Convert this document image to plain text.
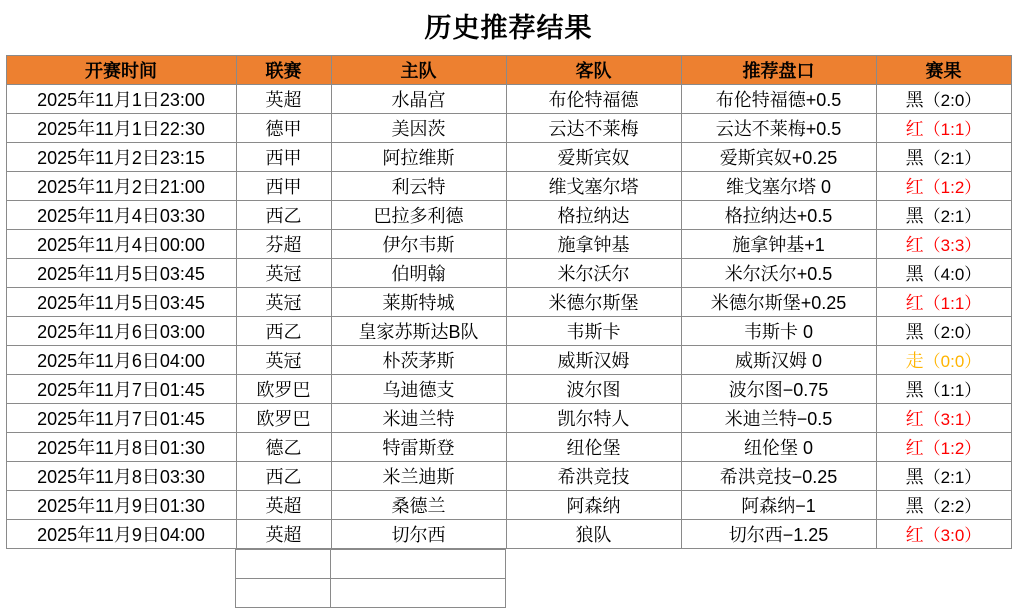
历史推荐结果
开赛时间	联赛	主队	客队	推荐盘口	赛果
2025年11月1日23:00	英超	水晶宫	布伦特福德	布伦特福德+0.5	黑（2:0）
2025年11月1日22:30	德甲	美因茨	云达不莱梅	云达不莱梅+0.5	红（1:1）
2025年11月2日23:15	西甲	阿拉维斯	爱斯宾奴	爱斯宾奴+0.25	黑（2:1）
2025年11月2日21:00	西甲	利云特	维戈塞尔塔	维戈塞尔塔 0	红（1:2）
2025年11月4日03:30	西乙	巴拉多利德	格拉纳达	格拉纳达+0.5	黑（2:1）
2025年11月4日00:00	芬超	伊尔韦斯	施拿钟基	施拿钟基+1	红（3:3）
2025年11月5日03:45	英冠	伯明翰	米尔沃尔	米尔沃尔+0.5	黑（4:0）
2025年11月5日03:45	英冠	莱斯特城	米德尔斯堡	米德尔斯堡+0.25	红（1:1）
2025年11月6日03:00	西乙	皇家苏斯达B队	韦斯卡	韦斯卡 0	黑（2:0）
2025年11月6日04:00	英冠	朴茨茅斯	威斯汉姆	威斯汉姆 0	走（0:0）
2025年11月7日01:45	欧罗巴	乌迪德支	波尔图	波尔图−0.75	黑（1:1）
2025年11月7日01:45	欧罗巴	米迪兰特	凯尔特人	米迪兰特−0.5	红（3:1）
2025年11月8日01:30	德乙	特雷斯登	纽伦堡	纽伦堡 0	红（1:2）
2025年11月8日03:30	西乙	米兰迪斯	希洪竞技	希洪竞技−0.25	黑（2:1）
2025年11月9日01:30	英超	桑德兰	阿森纳	阿森纳−1	黑（2:2）
2025年11月9日04:00	英超	切尔西	狼队	切尔西−1.25	红（3:0）
